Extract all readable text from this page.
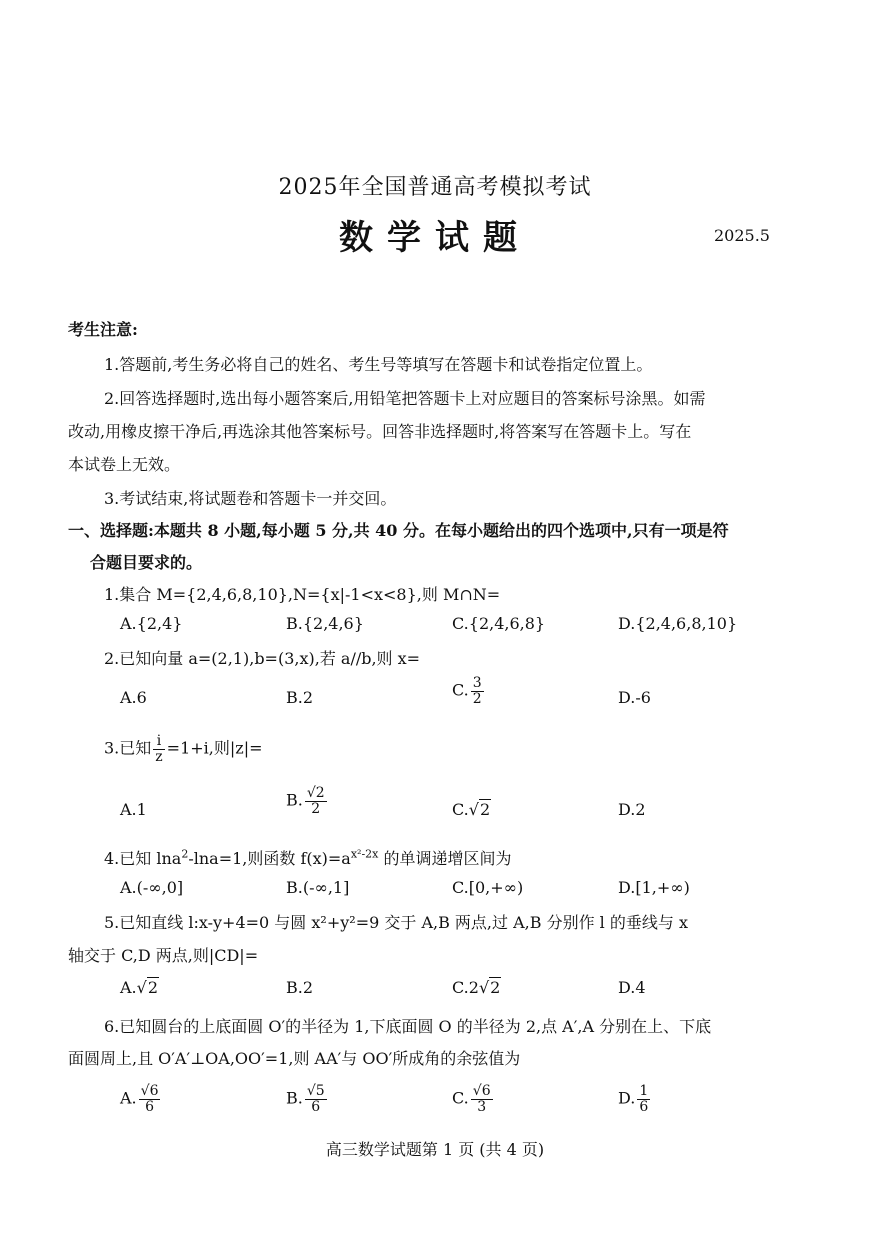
2025年全国普通高考模拟考试
数学试题	2025.5
考生注意:
1.答题前,考生务必将自己的姓名、考生号等填写在答题卡和试卷指定位置上。
2.回答选择题时,选出每小题答案后,用铅笔把答题卡上对应题目的答案标号涂黑。如需
改动,用橡皮擦干净后,再选涂其他答案标号。回答非选择题时,将答案写在答题卡上。写在
本试卷上无效。
3.考试结束,将试题卷和答题卡一并交回。
一、选择题:本题共 8 小题,每小题 5 分,共 40 分。在每小题给出的四个选项中,只有一项是符
合题目要求的。
1.集合 M={2,4,6,8,10},N={x|-1<x<8},则 M∩N=
A.{2,4}	B.{2,4,6}	C.{2,4,6,8}	D.{2,4,6,8,10}
2.已知向量 a=(2,1),b=(3,x),若 a//b,则 x=
A.6	B.2	C. $\frac{3}{2}$	D.-6
3.已知 $\frac{i}{z} =1+i$,则|z|=
A.1	B. $\frac{√2}{2}$	C.√2	D.2
4.已知 lna$^2$-lna=1,则函数 $f(x)=a^{x^2-2x}$ 的单调递增区间为
A.(-∞,0]	B.(-∞,1]	C.[0,+∞)	D.[1,+∞)
5.已知直线 l:x-y+4=0 与圆 x²+y²=9 交于 A,B 两点,过 A,B 分别作 l 的垂线与 x
轴交于 C,D 两点,则|CD|=
A.√2	B.2	C.2√2	D.4
6.已知圆台的上底面圆 O′的半径为 1,下底面圆 O 的半径为 2,点 A′,A 分别在上、下底
面圆周上,且 O′A′⊥OA,OO′=1,则 AA′与 OO′所成角的余弦值为
A. $\frac{√6}{6}$	B. $\frac{√5}{6}$	C. $\frac{√6}{3}$	D. $\frac{1}{6}$
高三数学试题第 1 页 (共 4 页)
